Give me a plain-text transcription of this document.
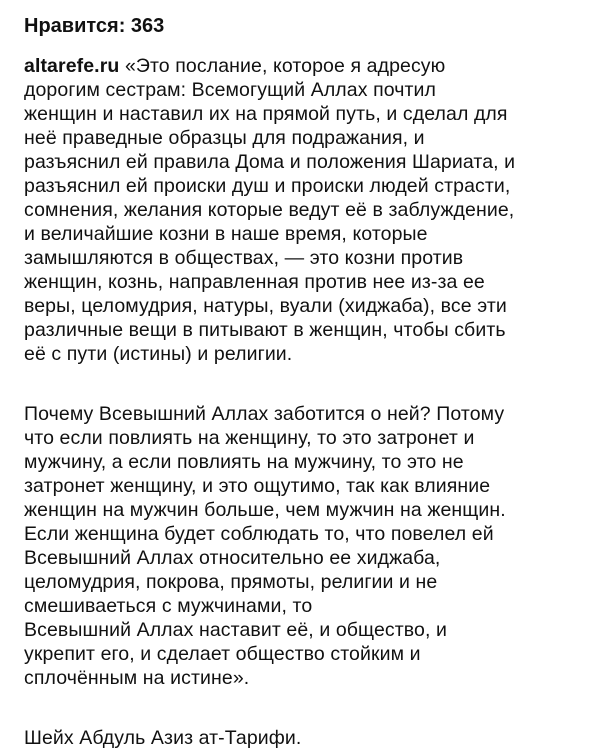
Нравится: 363

altarefe.ru «Это послание, которое я адресую
дорогим сестрам: Всемогущий Аллах почтил
женщин и наставил их на прямой путь, и сделал для
неё праведные образцы для подражания, и
разъяснил ей правила Дома и положения Шариата, и
разъяснил ей происки душ и происки людей страсти,
сомнения, желания которые ведут её в заблуждение,
и величайшие козни в наше время, которые
замышляются в обществах, — это козни против
женщин, кознь, направленная против нее из-за ее
веры, целомудрия, натуры, вуали (хиджаба), все эти
различные вещи в питывают в женщин, чтобы сбить
её с пути (истины) и религии.

Почему Всевышний Аллах заботится о ней? Потому
что если повлиять на женщину, то это затронет и
мужчину, а если повлиять на мужчину, то это не
затронет женщину, и это ощутимо, так как влияние
женщин на мужчин больше, чем мужчин на женщин.
Если женщина будет соблюдать то, что повелел ей
Всевышний Аллах относительно ее хиджаба,
целомудрия, покрова, прямоты, религии и не
смешиваеться с мужчинами, то
Всевышний Аллах наставит её, и общество, и
укрепит его, и сделает общество стойким и
сплочённым на истине».

Шейх Абдуль Азиз ат-Тарифи.
